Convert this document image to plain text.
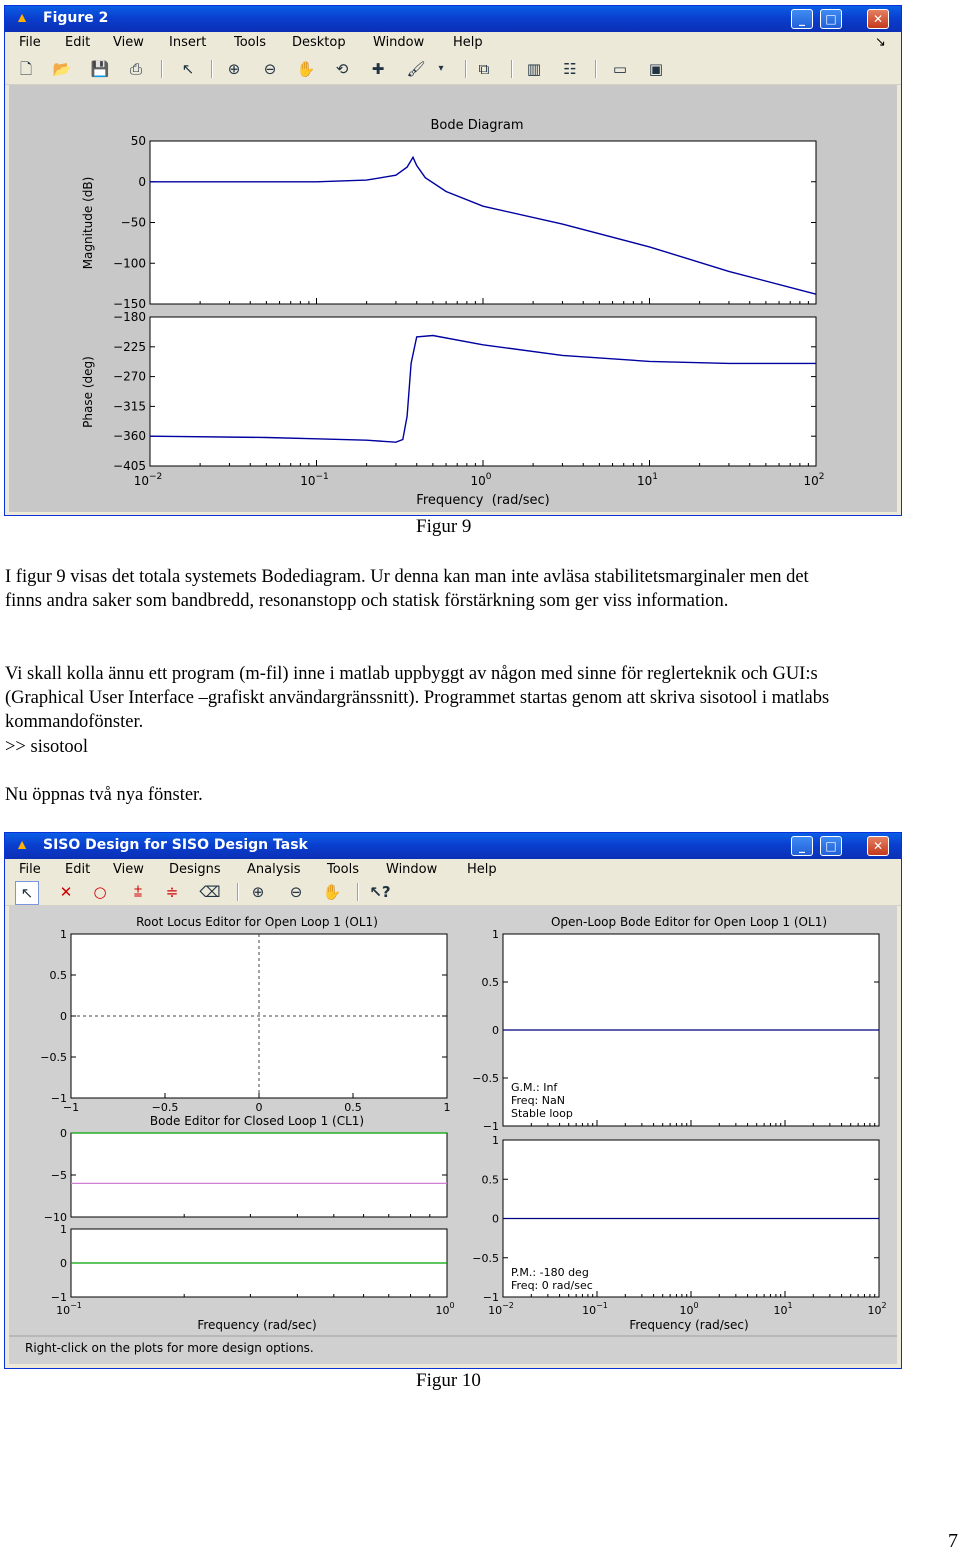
▲ Figure 2	_	□	✕
File Edit View Insert Tools Desktop Window Help	↘
🗋	📂 💾	⎙	↖	⊕	⊖	✋	⟲	✚	🖌	▾	⧉	▥ ☷ ▭ ▣
Bode Diagram
Magnitude (dB)
Phase (deg)
Frequency  (rad/sec)
50
0
−50
−100
−150
−180
−225
−270
−315
−360
−405
$10^{-2}$	$10^{-1}$	$10^0$	$10^1$	$10^2$
Figur 9
I figur 9 visas det totala systemets Bodediagram. Ur denna kan man inte avläsa stabilitetsmarginaler men det
finns andra saker som bandbredd, resonanstopp och statisk förstärkning som ger viss information.
Vi skall kolla ännu ett program (m-fil) inne i matlab uppbyggt av någon med sinne för reglerteknik och GUI:s
(Graphical User Interface –grafiskt användargränssnitt). Programmet startas genom att skriva sisotool i matlabs
kommandofönster.
>> sisotool
Nu öppnas två nya fönster.
▲ SISO Design for SISO Design Task	_	□	✕
File Edit View Designs Analysis Tools Window Help
↖	✕	○	⩲	≑	⌫	⊕	⊖	✋ ↖?
Root Locus Editor for Open Loop 1 (OL1)
Bode Editor for Closed Loop 1 (CL1)
Frequency (rad/sec)
Open-Loop Bode Editor for Open Loop 1 (OL1)
G.M.: Inf
Freq: NaN
Stable loop
P.M.: -180 deg
Freq: 0 rad/sec
Frequency (rad/sec)
1
0.5
0
−0.5
−1
−1	−0.5	0	0.5	1
1
0.5
0
−0.5
−1
1
0.5
0
−0.5
−1
$10^{-2}$	$10^{-1}$	$10^0$	$10^1$	$10^2$
0
−5
−10
1
0
−1
$10^{-1}$	$10^0$
Right-click on the plots for more design options.
Figur 10
7
